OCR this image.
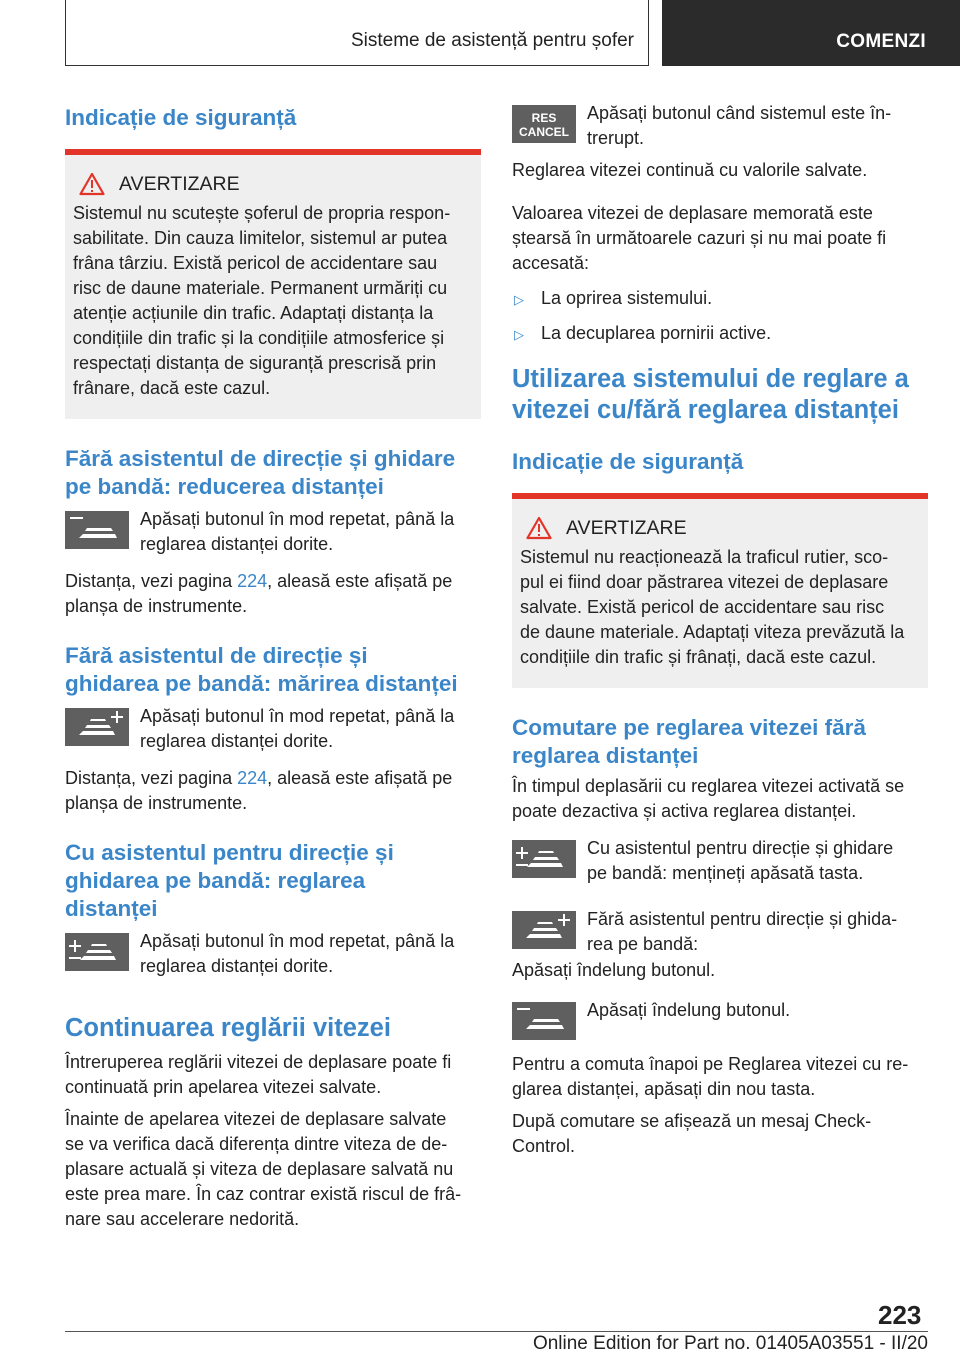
Sisteme de asistență pentru șofer	COMENZI
Indicație de siguranță
AVERTIZARE

Sistemul nu scutește șoferul de propria respon-
sabilitate. Din cauza limitelor, sistemul ar putea
frâna târziu. Există pericol de accidentare sau
risc de daune materiale. Permanent urmăriți cu
atenție acțiunile din trafic. Adaptați distanța la
condițiile din trafic și la condițiile atmosferice și
respectați distanța de siguranță prescrisă prin
frânare, dacă este cazul.

Fără asistentul de direcție și ghidare
pe bandă: reducerea distanței
Apăsați butonul în mod repetat, până la
reglarea distanței dorite.

Distanța, vezi pagina 224, aleasă este afișată pe
planșa de instrumente.

Fără asistentul de direcție și
ghidarea pe bandă: mărirea distanței
Apăsați butonul în mod repetat, până la
reglarea distanței dorite.

Distanța, vezi pagina 224, aleasă este afișată pe
planșa de instrumente.

Cu asistentul pentru direcție și
ghidarea pe bandă: reglarea
distanței
Apăsați butonul în mod repetat, până la
reglarea distanței dorite.
Continuarea reglării vitezei

Întreruperea reglării vitezei de deplasare poate fi
continuată prin apelarea vitezei salvate.

Înainte de apelarea vitezei de deplasare salvate
se va verifica dacă diferența dintre viteza de de-
plasare actuală și viteza de deplasare salvată nu
este prea mare. În caz contrar există riscul de frâ-
nare sau accelerare nedorită.

RES
CANCEL
Apăsați butonul când sistemul este în-
trerupt.

Reglarea vitezei continuă cu valorile salvate.

Valoarea vitezei de deplasare memorată este
ștearsă în următoarele cazuri și nu mai poate fi
accesată:

▷ La oprirea sistemului.
▷ La decuplarea pornirii active.
Utilizarea sistemului de reglare a
vitezei cu/fără reglarea distanței
Indicație de siguranță
AVERTIZARE

Sistemul nu reacționează la traficul rutier, sco-
pul ei fiind doar păstrarea vitezei de deplasare
salvate. Există pericol de accidentare sau risc
de daune materiale. Adaptați viteza prevăzută la
condițiile din trafic și frânați, dacă este cazul.

Comutare pe reglarea vitezei fără
reglarea distanței

În timpul deplasării cu reglarea vitezei activată se
poate dezactiva și activa reglarea distanței.

Cu asistentul pentru direcție și ghidare
pe bandă: mențineți apăsată tasta.
Fără asistentul pentru direcție și ghida-
rea pe bandă:

Apăsați îndelung butonul.

Apăsați îndelung butonul.

Pentru a comuta înapoi pe Reglarea vitezei cu re-
glarea distanței, apăsați din nou tasta.

După comutare se afișează un mesaj Check-
Control.

223
Online Edition for Part no. 01405A03551 - II/20
